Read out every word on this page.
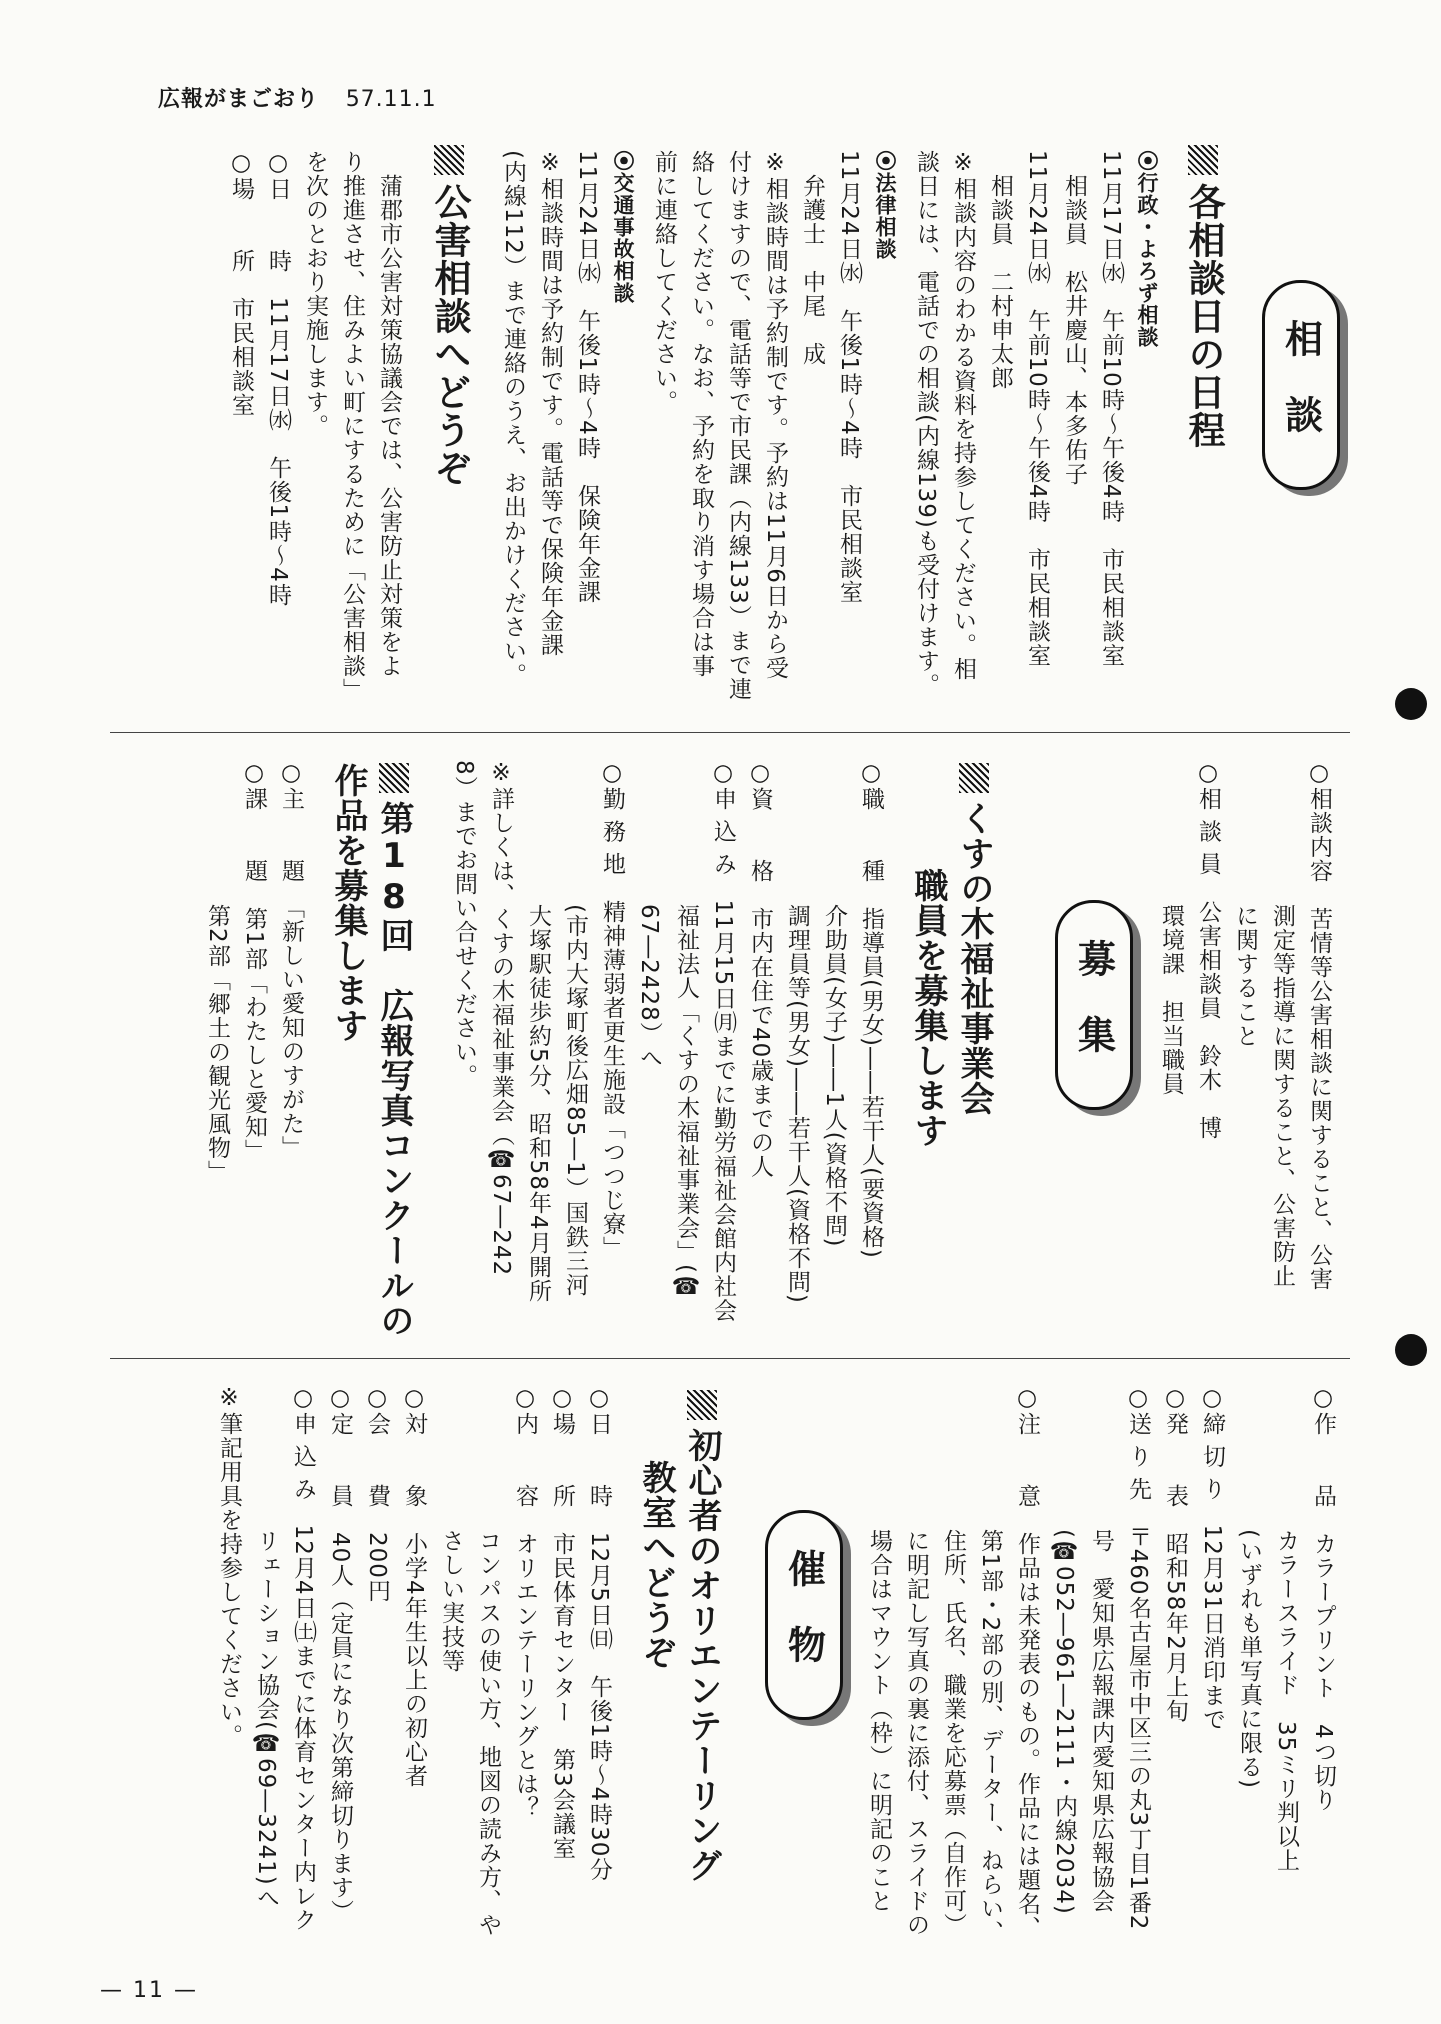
広報がまごおり 57.11.1
相談
各相談日の日程
⦿行政・よろず相談
11月17日㈬　午前10時〜午後4時　市民相談室
　相談員　松井慶山、本多佑子
11月24日㈬　午前10時〜午後4時　市民相談室
　相談員　二村申太郎
※相談内容のわかる資料を持参してください。相
談日には、電話での相談(内線139)も受付けます。
⦿法律相談
11月24日㈬　午後1時〜4時　市民相談室
　弁護士　中尾　成
※相談時間は予約制です。予約は11月6日から受
付けますので、電話等で市民課（内線133）まで連
絡してください。なお、予約を取り消す場合は事
前に連絡してください。
⦿交通事故相談
11月24日㈬　午後1時〜4時　保険年金課
※相談時間は予約制です。電話等で保険年金課
(内線112）まで連絡のうえ、お出かけください。
公害相談へどうぞ
　蒲郡市公害対策協議会では、公害防止対策をよ
り推進させ、住みよい町にするために「公害相談」
を次のとおり実施します。
○日　　時　11月17日㈬　午後1時〜4時
○場　　所　市民相談室
○相談内容　苦情等公害相談に関すること、公害
　　　　　　測定等指導に関すること、公害防止
　　　　　　に関すること
○相 談 員　公害相談員　鈴木　博
　　　　　　環境課　担当職員
募集
くすの木福祉事業会
　　　職員を募集します
○職　　種　指導員(男女)――若干人(要資格)
　　　　　　介助員(女子)――1人(資格不問)
　　　　　　調理員等(男女)――若干人(資格不問)
○資　　格　市内在住で40歳までの人
○申 込 み　11月15日㈪までに勤労福祉会館内社会
　　　　　　福祉法人「くすの木福祉事業会」(☎
　　　　　　67―2428）へ
○勤 務 地　精神薄弱者更生施設「つつじ寮」
　　　　　　(市内大塚町後広畑85―1）国鉄三河
　　　　　　大塚駅徒歩約5分、昭和58年4月開所
※詳しくは、くすの木福祉事業会（☎67―242
8）までお問い合せください。
第18回　広報写真コンクールの
作品を募集します
○主　　題　「新しい愛知のすがた」
○課　　題　第1部「わたしと愛知」
　　　　　　第2部「郷土の観光風物」
○作　　品　カラープリント　4つ切り
　　　　　　カラースライド　35ミリ判以上
　　　　　　(いずれも単写真に限る)
○締 切 り　12月31日消印まで
○発　　表　昭和58年2月上旬
○送 り 先　〒460名古屋市中区三の丸3丁目1番2
　　　　　　号　愛知県広報課内愛知県広報協会
　　　　　　(☎052―961―2111・内線2034)
○注　　意　作品は未発表のもの。作品には題名、
　　　　　　第1部・2部の別、データー、ねらい、
　　　　　　住所、氏名、職業を応募票（自作可）
　　　　　　に明記し写真の裏に添付、スライドの
　　　　　　場合はマウント（枠）に明記のこと
催物
初心者のオリエンテーリング
　　教室へどうぞ
○日　　時　12月5日㈰　午後1時〜4時30分
○場　　所　市民体育センター　第3会議室
○内　　容　オリエンテーリングとは？
　　　　　　コンパスの使い方、地図の読み方、や
　　　　　　さしい実技等
○対　　象　小学4年生以上の初心者
○会　　費　200円
○定　　員　40人（定員になり次第締切ります）
○申 込 み　12月4日㈯までに体育センター内レク
　　　　　　リェーション協会(☎69―3241)へ
※筆記用具を持参してください。
— 11 —
